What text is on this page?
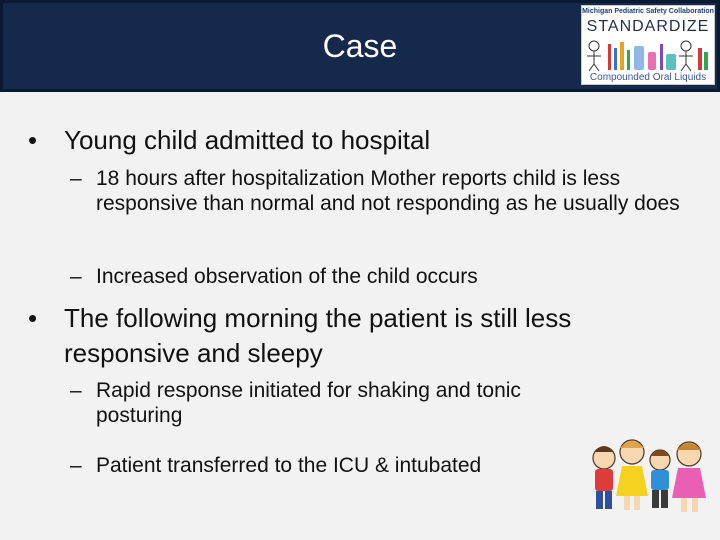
Case
Michigan Pediatric Safety Collaboration
STANDARDIZE
Compounded Oral Liquids
• Young child admitted to hospital
– 18 hours after hospitalization Mother reports child is less responsive than normal and not responding as he usually does
– Increased observation of the child occurs
• The following morning the patient is still less responsive and sleepy
– Rapid response initiated for shaking and tonic posturing
– Patient transferred to the ICU & intubated
